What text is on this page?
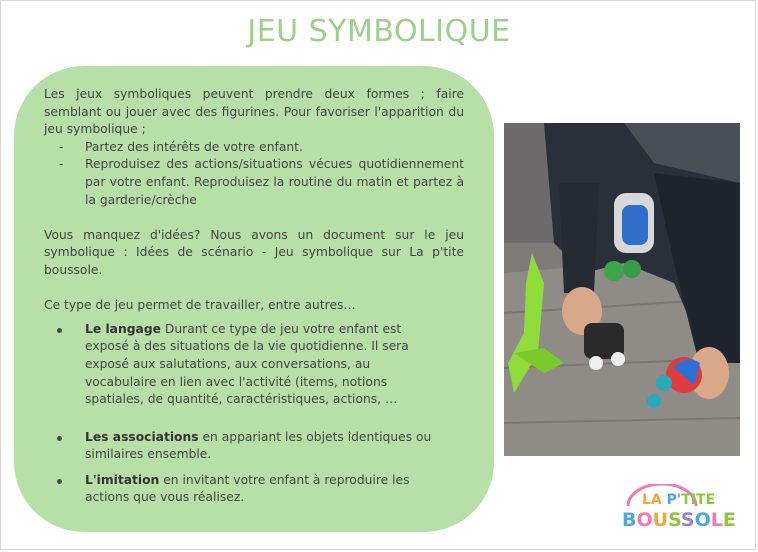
JEU SYMBOLIQUE

Les jeux symboliques peuvent prendre deux formes ; faire semblant ou jouer avec des figurines. Pour favoriser l'apparition du jeu symbolique ;

- Partez des intérêts de votre enfant.
- Reproduisez des actions/situations vécues quotidiennement par votre enfant. Reproduisez la routine du matin et partez à la garderie/crèche

Vous manquez d'idées? Nous avons un document sur le jeu symbolique : Idées de scénario - Jeu symbolique sur La p'tite boussole.

Ce type de jeu permet de travailler, entre autres…

Le langage Durant ce type de jeu votre enfant est exposé à des situations de la vie quotidienne. Il sera exposé aux salutations, aux conversations, au vocabulaire en lien avec l'activité (items, notions spatiales, de quantité, caractéristiques, actions, …
Les associations en appariant les objets identiques ou similaires ensemble.
L'imitation en invitant votre enfant à reproduire les actions que vous réalisez.	LA P'TITE
BOUSSOLE
